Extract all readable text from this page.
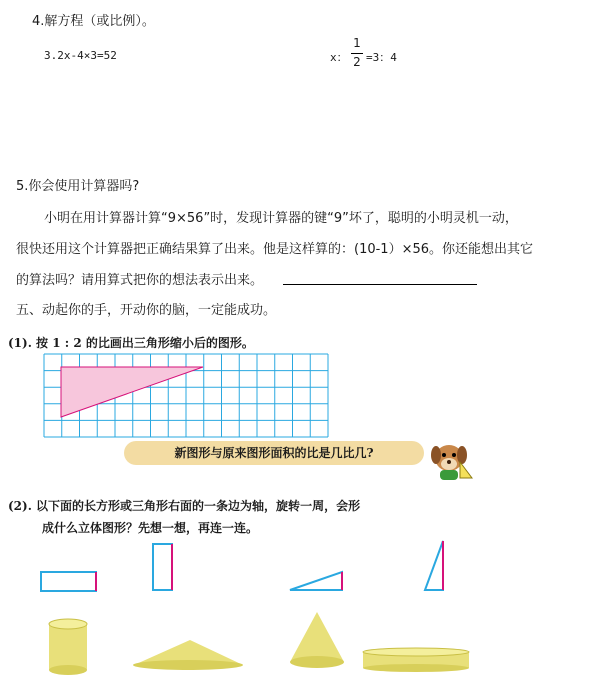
4.解方程（或比例）。
3.2x-4×3=52	x：
1
2 =3：4
5.你会使用计算器吗?
小明在用计算器计算“9×56”时，发现计算器的键“9”坏了，聪明的小明灵机一动，
很快还用这个计算器把正确结果算了出来。他是这样算的：(10-1）×56。你还能想出其它
的算法吗？请用算式把你的想法表示出来。
五、动起你的手，开动你的脑，一定能成功。
(1). 按 1 : 2 的比画出三角形缩小后的图形。
新图形与原来图形面积的比是几比几?
(2). 以下面的长方形或三角形右面的一条边为轴，旋转一周，会形
成什么立体图形？先想一想，再连一连。
